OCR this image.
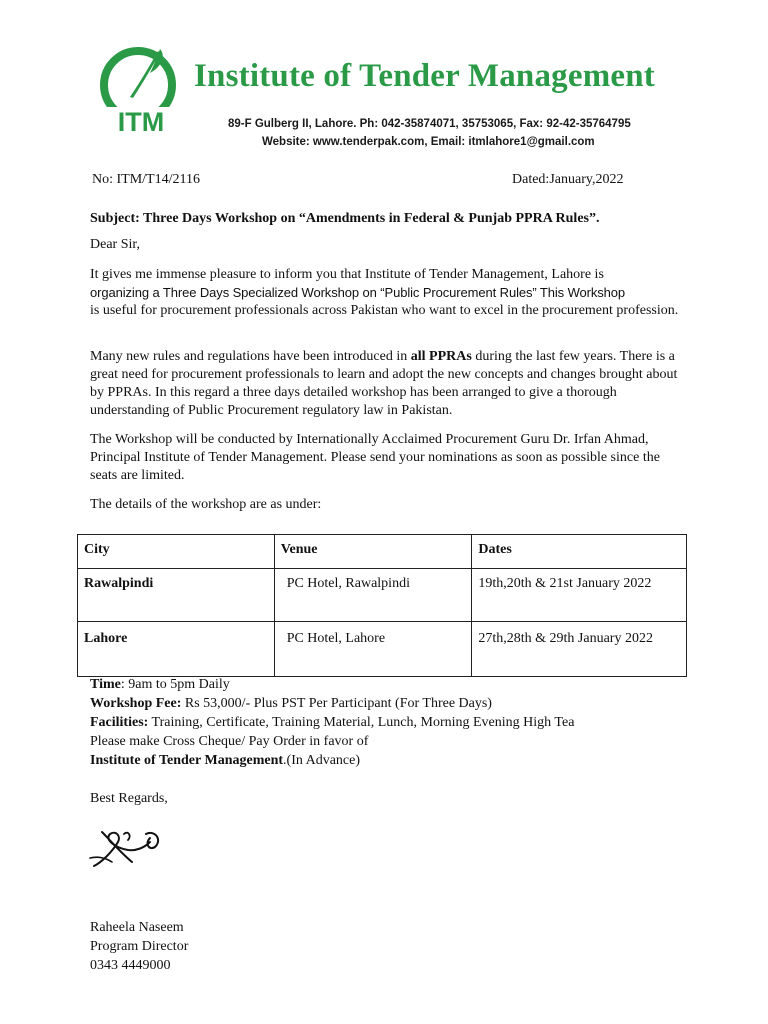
ITM
Institute of Tender Management
89-F Gulberg II, Lahore. Ph: 042-35874071, 35753065, Fax: 92-42-35764795
Website: www.tenderpak.com, Email: itmlahore1@gmail.com
No: ITM/T14/2116	Dated:January,2022
Subject: Three Days Workshop on “Amendments in Federal & Punjab PPRA Rules”.
Dear Sir,
It gives me immense pleasure to inform you that Institute of Tender Management, Lahore is
organizing a Three Days Specialized Workshop on “Public Procurement Rules” This Workshop
is useful for procurement professionals across Pakistan who want to excel in the procurement profession.
Many new rules and regulations have been introduced in all PPRAs during the last few years. There is a great need for procurement professionals to learn and adopt the new concepts and changes brought about by PPRAs. In this regard a three days detailed workshop has been arranged to give a thorough understanding of Public Procurement regulatory law in Pakistan.
The Workshop will be conducted by Internationally Acclaimed Procurement Guru Dr. Irfan Ahmad, Principal Institute of Tender Management. Please send your nominations as soon as possible since the seats are limited.
The details of the workshop are as under:
City	Venue	Dates
Rawalpindi	PC Hotel, Rawalpindi	19th,20th & 21st January 2022
Lahore	PC Hotel, Lahore	27th,28th & 29th January 2022
Time: 9am to 5pm Daily
Workshop Fee: Rs 53,000/- Plus PST Per Participant (For Three Days)
Facilities: Training, Certificate, Training Material, Lunch, Morning Evening High Tea
Please make Cross Cheque/ Pay Order in favor of
Institute of Tender Management.(In Advance)
Best Regards,
Raheela Naseem
Program Director
0343 4449000
